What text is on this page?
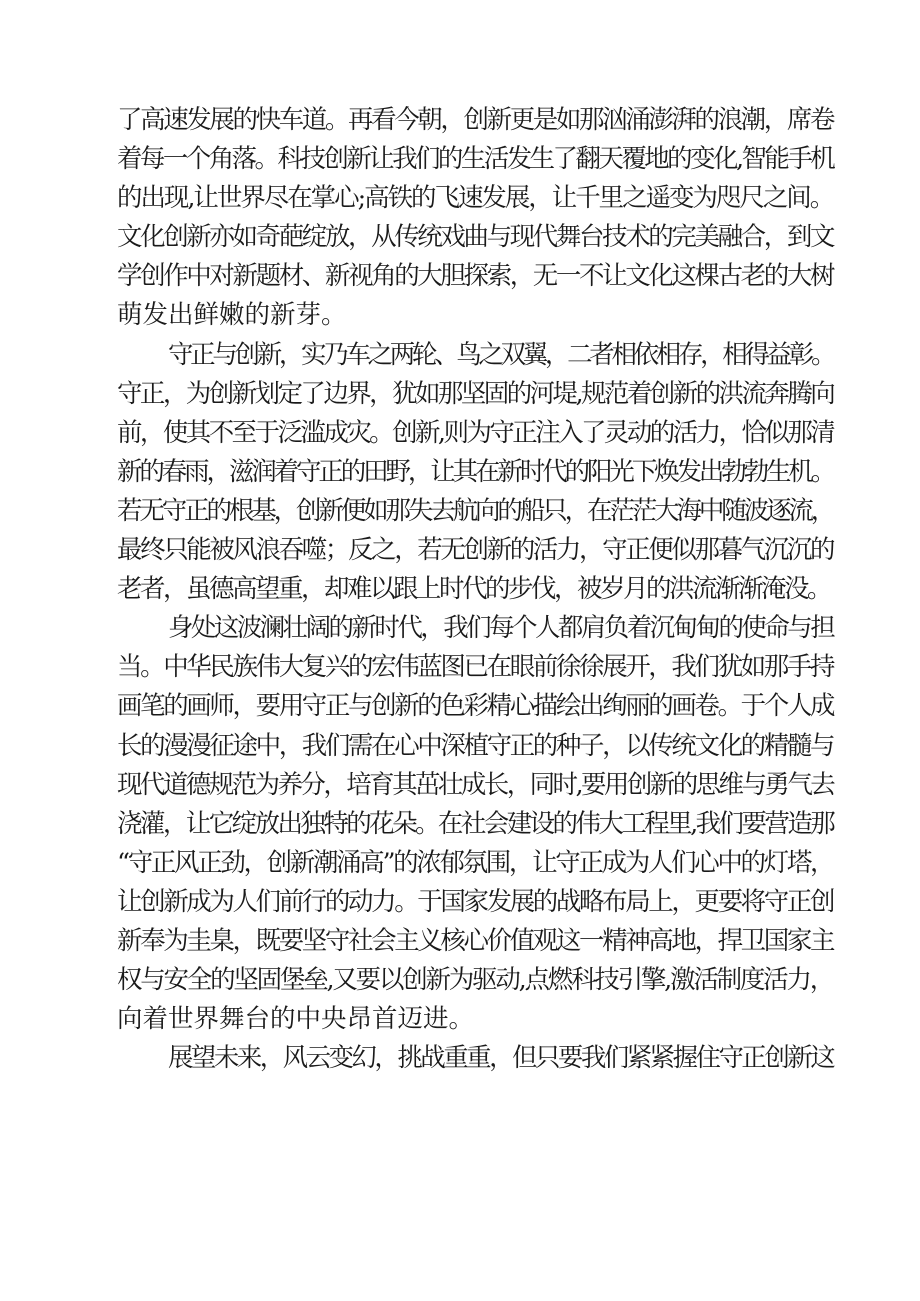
了高速发展的快车道。再看今朝，创新更是如那汹涌澎湃的浪潮，席卷
着每一个角落。科技创新让我们的生活发生了翻天覆地的变化,智能手机
的出现,让世界尽在掌心;高铁的飞速发展，让千里之遥变为咫尺之间。
文化创新亦如奇葩绽放，从传统戏曲与现代舞台技术的完美融合，到文
学创作中对新题材、新视角的大胆探索，无一不让文化这棵古老的大树
萌发出鲜嫩的新芽。
守正与创新，实乃车之两轮、鸟之双翼，二者相依相存，相得益彰。
守正，为创新划定了边界，犹如那坚固的河堤,规范着创新的洪流奔腾向
前，使其不至于泛滥成灾。创新,则为守正注入了灵动的活力，恰似那清
新的春雨，滋润着守正的田野，让其在新时代的阳光下焕发出勃勃生机。
若无守正的根基，创新便如那失去航向的船只，在茫茫大海中随波逐流，
最终只能被风浪吞噬；反之，若无创新的活力，守正便似那暮气沉沉的
老者，虽德高望重，却难以跟上时代的步伐，被岁月的洪流渐渐淹没。
身处这波澜壮阔的新时代，我们每个人都肩负着沉甸甸的使命与担
当。中华民族伟大复兴的宏伟蓝图已在眼前徐徐展开，我们犹如那手持
画笔的画师，要用守正与创新的色彩精心描绘出绚丽的画卷。于个人成
长的漫漫征途中，我们需在心中深植守正的种子，以传统文化的精髓与
现代道德规范为养分，培育其茁壮成长，同时,要用创新的思维与勇气去
浇灌，让它绽放出独特的花朵。在社会建设的伟大工程里,我们要营造那
“守正风正劲，创新潮涌高”的浓郁氛围，让守正成为人们心中的灯塔，
让创新成为人们前行的动力。于国家发展的战略布局上，更要将守正创
新奉为圭臬，既要坚守社会主义核心价值观这一精神高地，捍卫国家主
权与安全的坚固堡垒,又要以创新为驱动,点燃科技引擎,激活制度活力，
向着世界舞台的中央昂首迈进。
展望未来，风云变幻，挑战重重，但只要我们紧紧握住守正创新这
